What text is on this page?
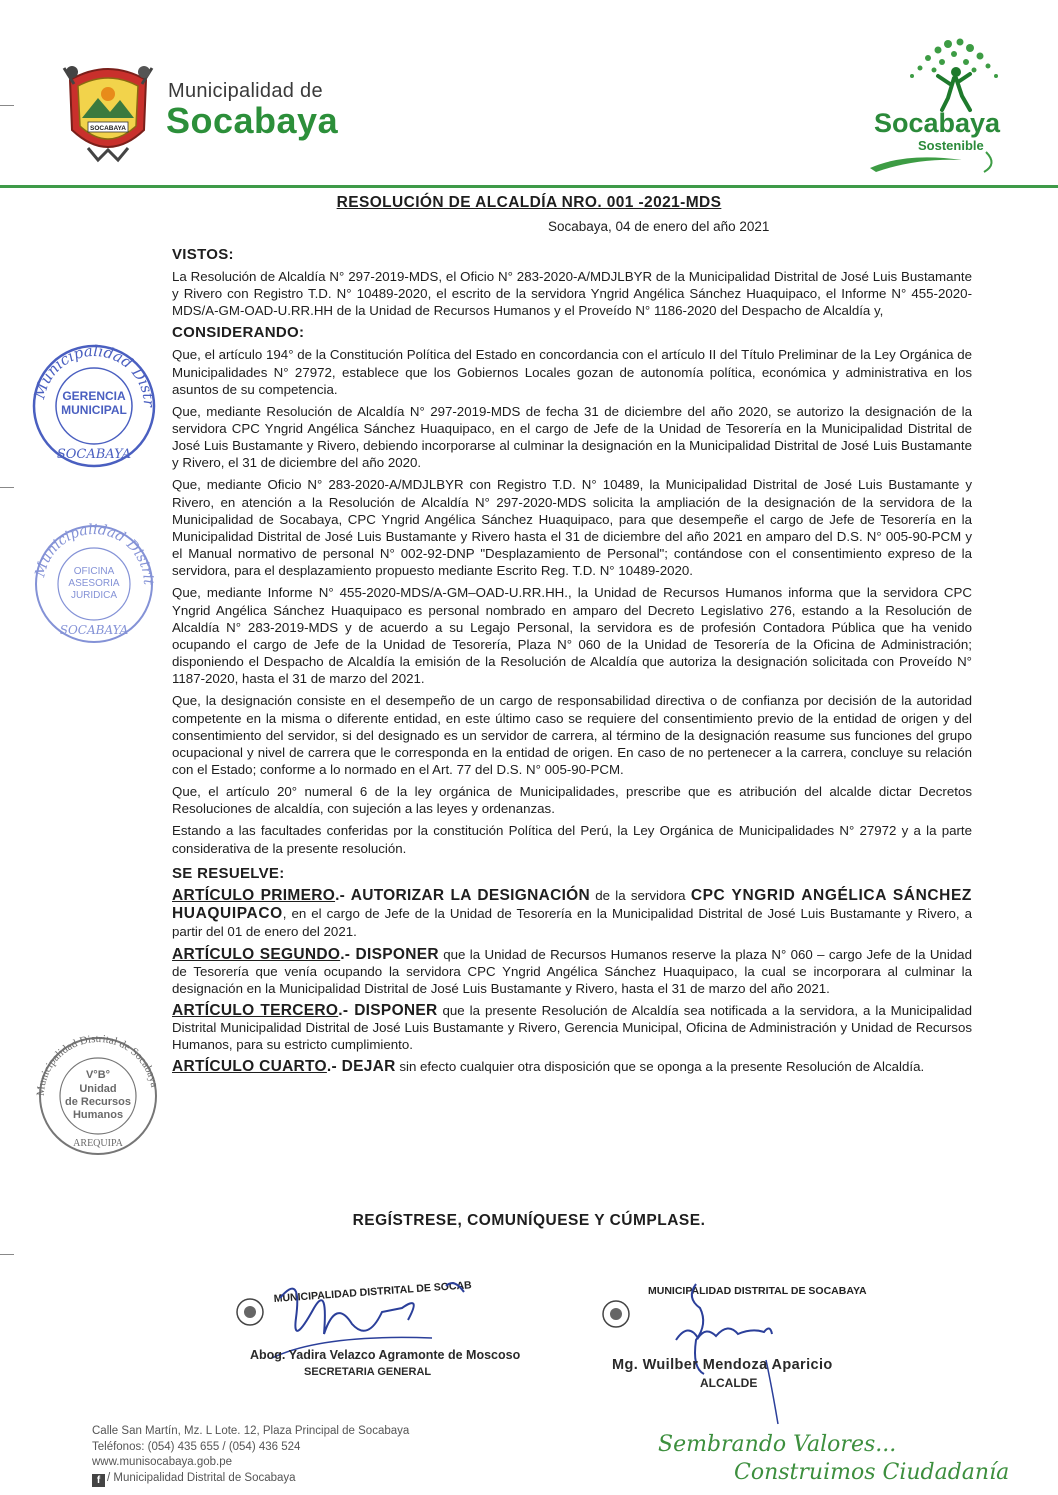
SOCABAYA
Municipalidad de
Socabaya	Socabaya
Sostenible
RESOLUCIÓN DE ALCALDÍA NRO. 001 -2021-MDS
Socabaya, 04 de enero del año 2021

VISTOS:

La Resolución de Alcaldía N° 297-2019-MDS, el Oficio N° 283-2020-A/MDJLBYR de la Municipalidad Distrital de José Luis Bustamante y Rivero con Registro T.D. N° 10489-2020, el escrito de la servidora Yngrid Angélica Sánchez Huaquipaco, el Informe N° 455-2020-MDS/A-GM-OAD-U.RR.HH de la Unidad de Recursos Humanos y el Proveído N° 1186-2020 del Despacho de Alcaldía y,

CONSIDERANDO:

Que, el artículo 194° de la Constitución Política del Estado en concordancia con el artículo II del Título Preliminar de la Ley Orgánica de Municipalidades N° 27972, establece que los Gobiernos Locales gozan de autonomía política, económica y administrativa en los asuntos de su competencia.

Que, mediante Resolución de Alcaldía N° 297-2019-MDS de fecha 31 de diciembre del año 2020, se autorizo la designación de la servidora CPC Yngrid Angélica Sánchez Huaquipaco, en el cargo de Jefe de la Unidad de Tesorería en la Municipalidad Distrital de José Luis Bustamante y Rivero, debiendo incorporarse al culminar la designación en la Municipalidad Distrital de José Luis Bustamante y Rivero, el 31 de diciembre del año 2020.

Que, mediante Oficio N° 283-2020-A/MDJLBYR con Registro T.D. N° 10489, la Municipalidad Distrital de José Luis Bustamante y Rivero, en atención a la Resolución de Alcaldía N° 297-2020-MDS solicita la ampliación de la designación de la servidora de la Municipalidad de Socabaya, CPC Yngrid Angélica Sánchez Huaquipaco, para que desempeñe el cargo de Jefe de Tesorería en la Municipalidad Distrital de José Luis Bustamante y Rivero hasta el 31 de diciembre del año 2021 en amparo del D.S. N° 005-90-PCM y el Manual normativo de personal N° 002-92-DNP "Desplazamiento de Personal"; contándose con el consentimiento expreso de la servidora, para el desplazamiento propuesto mediante Escrito Reg. T.D. N° 10489-2020.

Que, mediante Informe N° 455-2020-MDS/A-GM–OAD-U.RR.HH., la Unidad de Recursos Humanos informa que la servidora CPC Yngrid Angélica Sánchez Huaquipaco es personal nombrado en amparo del Decreto Legislativo 276, estando a la Resolución de Alcaldía N° 283-2019-MDS y de acuerdo a su Legajo Personal, la servidora es de profesión Contadora Pública que ha venido ocupando el cargo de Jefe de la Unidad de Tesorería, Plaza N° 060 de la Unidad de Tesorería de la Oficina de Administración; disponiendo el Despacho de Alcaldía la emisión de la Resolución de Alcaldía que autoriza la designación solicitada con Proveído N° 1187-2020, hasta el 31 de marzo del 2021.

Que, la designación consiste en el desempeño de un cargo de responsabilidad directiva o de confianza por decisión de la autoridad competente en la misma o diferente entidad, en este último caso se requiere del consentimiento previo de la entidad de origen y del consentimiento del servidor, si del designado es un servidor de carrera, al término de la designación reasume sus funciones del grupo ocupacional y nivel de carrera que le corresponda en la entidad de origen. En caso de no pertenecer a la carrera, concluye su relación con el Estado; conforme a lo normado en el Art. 77 del D.S. N° 005-90-PCM.

Que, el artículo 20° numeral 6 de la ley orgánica de Municipalidades, prescribe que es atribución del alcalde dictar Decretos Resoluciones de alcaldía, con sujeción a las leyes y ordenanzas.

Estando a las facultades conferidas por la constitución Política del Perú, la Ley Orgánica de Municipalidades N° 27972 y a la parte considerativa de la presente resolución.

SE RESUELVE:

ARTÍCULO PRIMERO.- AUTORIZAR LA DESIGNACIÓN de la servidora CPC YNGRID ANGÉLICA SÁNCHEZ HUAQUIPACO, en el cargo de Jefe de la Unidad de Tesorería en la Municipalidad Distrital de José Luis Bustamante y Rivero, a partir del 01 de enero del 2021.

ARTÍCULO SEGUNDO.- DISPONER que la Unidad de Recursos Humanos reserve la plaza N° 060 – cargo Jefe de la Unidad de Tesorería que venía ocupando la servidora CPC Yngrid Angélica Sánchez Huaquipaco, la cual se incorporara al culminar la designación en la Municipalidad Distrital de José Luis Bustamante y Rivero, hasta el 31 de marzo del año 2021.

ARTÍCULO TERCERO.- DISPONER que la presente Resolución de Alcaldía sea notificada a la servidora, a la Municipalidad Distrital Municipalidad Distrital de José Luis Bustamante y Rivero, Gerencia Municipal, Oficina de Administración y Unidad de Recursos Humanos, para su estricto cumplimiento.

ARTÍCULO CUARTO.- DEJAR sin efecto cualquier otra disposición que se oponga a la presente Resolución de Alcaldía.

REGÍSTRESE, COMUNÍQUESE Y CÚMPLASE.
Municipalidad Distr
GERENCIA
MUNICIPAL
SOCABAYA
Municipalidad Distrit
OFICINA
ASESORIA
JURIDICA
SOCABAYA
Municipalidad Distrital de Socabaya
V°B°
Unidad
de Recursos
Humanos
AREQUIPA
MUNICIPALIDAD DISTRITAL DE SOCABAYA
Abog. Yadira Velazco Agramonte de Moscoso
SECRETARIA GENERAL
MUNICIPALIDAD DISTRITAL DE SOCABAYA
Mg. Wuilber Mendoza Aparicio
ALCALDE
Calle San Martín, Mz. L Lote. 12, Plaza Principal de Socabaya
Teléfonos: (054) 435 655 / (054) 436 524
www.munisocabaya.gob.pe
f / Municipalidad Distrital de Socabaya
Sembrando Valores...
Construimos Ciudadanía
